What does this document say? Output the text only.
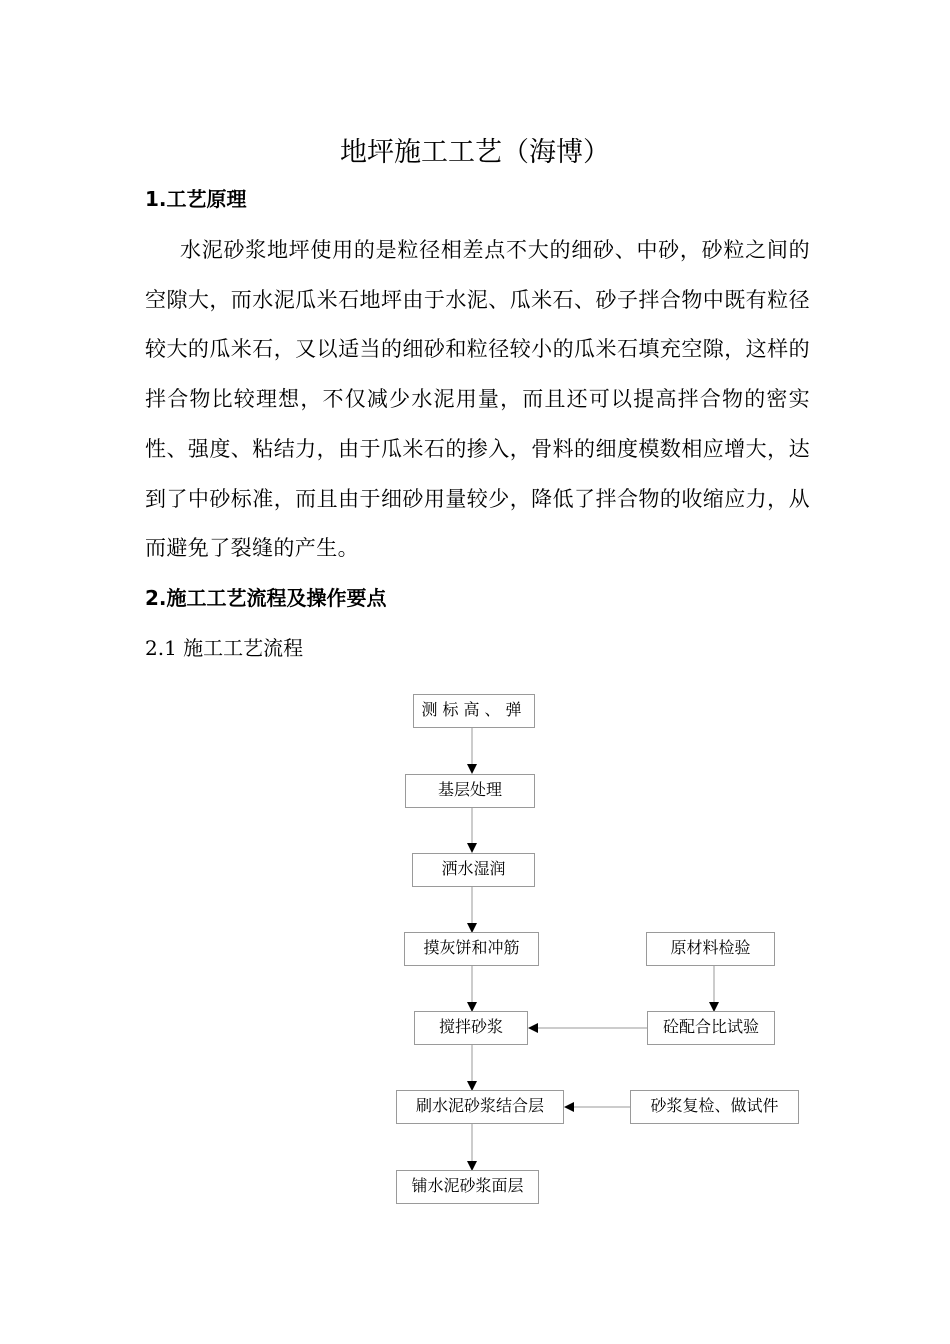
地坪施工工艺（海博）
1.工艺原理

水泥砂浆地坪使用的是粒径相差点不大的细砂、中砂，砂粒之间的空隙大，而水泥瓜米石地坪由于水泥、瓜米石、砂子拌合物中既有粒径较大的瓜米石，又以适当的细砂和粒径较小的瓜米石填充空隙，这样的拌合物比较理想，不仅减少水泥用量，而且还可以提高拌合物的密实性、强度、粘结力，由于瓜米石的掺入，骨料的细度模数相应增大，达到了中砂标准，而且由于细砂用量较少，降低了拌合物的收缩应力，从而避免了裂缝的产生。

2.施工工艺流程及操作要点
2.1 施工工艺流程
测标高、弹
基层处理
洒水湿润
摸灰饼和冲筋
搅拌砂浆
刷水泥砂浆结合层
铺水泥砂浆面层
原材料检验
砼配合比试验
砂浆复检、做试件
